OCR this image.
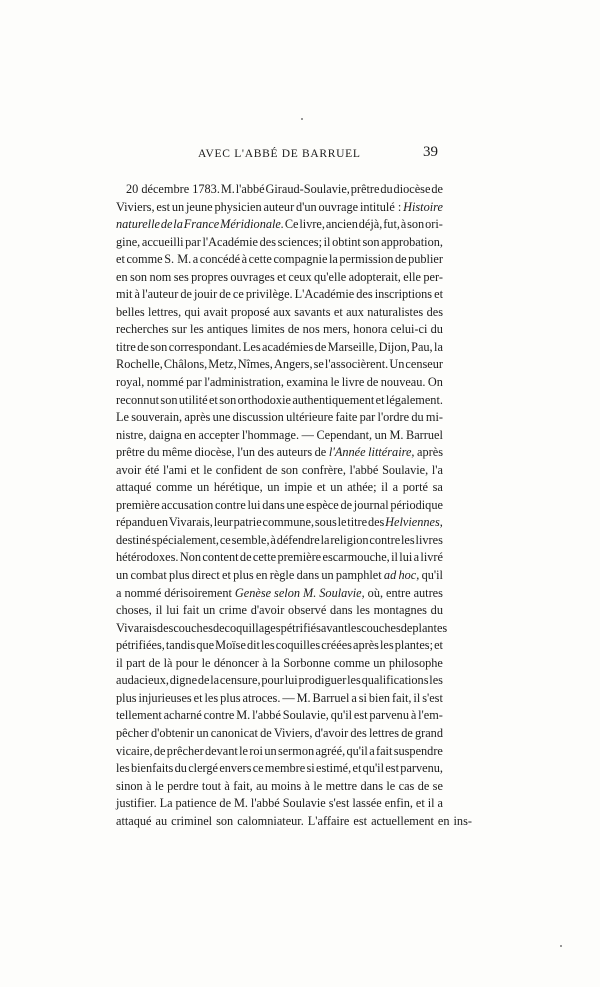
AVEC L'ABBÉ DE BARRUEL	39
20 décembre 1783. M. l'abbé Giraud-Soulavie, prêtre du diocèse de
Viviers, est un jeune physicien auteur d'un ouvrage intitulé : Histoire
naturelle de la France Méridionale. Ce livre, ancien déjà, fut, à son ori-
gine, accueilli par l'Académie des sciences; il obtint son approbation,
et comme S. M. a concédé à cette compagnie la permission de publier
en son nom ses propres ouvrages et ceux qu'elle adopterait, elle per-
mit à l'auteur de jouir de ce privilège. L'Académie des inscriptions et
belles lettres, qui avait proposé aux savants et aux naturalistes des
recherches sur les antiques limites de nos mers, honora celui-ci du
titre de son correspondant. Les académies de Marseille, Dijon, Pau, la
Rochelle, Châlons, Metz, Nîmes, Angers, se l'associèrent. Un censeur
royal, nommé par l'administration, examina le livre de nouveau. On
reconnut son utilité et son orthodoxie authentiquement et légalement.
Le souverain, après une discussion ultérieure faite par l'ordre du mi-
nistre, daigna en accepter l'hommage. — Cependant, un M. Barruel
prêtre du même diocèse, l'un des auteurs de l'Année littéraire, après
avoir été l'ami et le confident de son confrère, l'abbé Soulavie, l'a
attaqué comme un hérétique, un impie et un athée; il a porté sa
première accusation contre lui dans une espèce de journal périodique
répandu en Vivarais, leur patrie commune, sous le titre des Helviennes,
destiné spécialement, ce semble, à défendre la religion contre les livres
hétérodoxes. Non content de cette première escarmouche, il lui a livré
un combat plus direct et plus en règle dans un pamphlet ad hoc, qu'il
a nommé dérisoirement Genèse selon M. Soulavie, où, entre autres
choses, il lui fait un crime d'avoir observé dans les montagnes du
Vivarais des couches de coquillages pétrifiés avant les couches de plantes
pétrifiées, tandis que Moïse dit les coquilles créées après les plantes; et
il part de là pour le dénoncer à la Sorbonne comme un philosophe
audacieux, digne de la censure, pour lui prodiguer les qualifications les
plus injurieuses et les plus atroces. — M. Barruel a si bien fait, il s'est
tellement acharné contre M. l'abbé Soulavie, qu'il est parvenu à l'em-
pêcher d'obtenir un canonicat de Viviers, d'avoir des lettres de grand
vicaire, de prêcher devant le roi un sermon agréé, qu'il a fait suspendre
les bienfaits du clergé envers ce membre si estimé, et qu'il est parvenu,
sinon à le perdre tout à fait, au moins à le mettre dans le cas de se
justifier. La patience de M. l'abbé Soulavie s'est lassée enfin, et il a
attaqué au criminel son calomniateur. L'affaire est actuellement en ins-
